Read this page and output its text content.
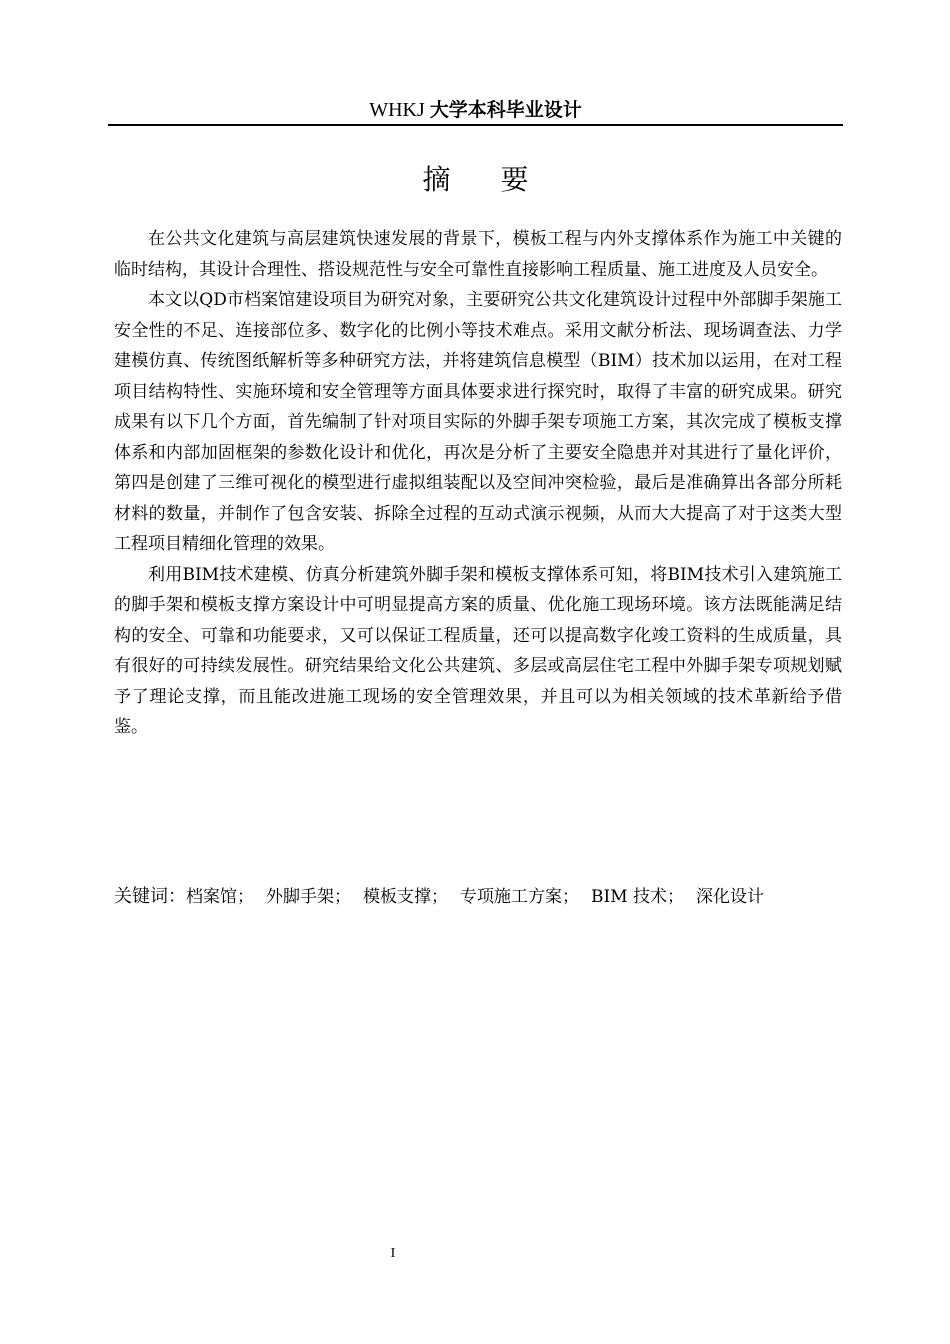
WHKJ 大学本科毕业设计
摘要

在公共文化建筑与高层建筑快速发展的背景下，模板工程与内外支撑体系作为施工中关键的临时结构，其设计合理性、搭设规范性与安全可靠性直接影响工程质量、施工进度及人员安全。

本文以QD市档案馆建设项目为研究对象，主要研究公共文化建筑设计过程中外部脚手架施工安全性的不足、连接部位多、数字化的比例小等技术难点。采用文献分析法、现场调查法、力学建模仿真、传统图纸解析等多种研究方法，并将建筑信息模型（BIM）技术加以运用，在对工程项目结构特性、实施环境和安全管理等方面具体要求进行探究时，取得了丰富的研究成果。研究成果有以下几个方面，首先编制了针对项目实际的外脚手架专项施工方案，其次完成了模板支撑体系和内部加固框架的参数化设计和优化，再次是分析了主要安全隐患并对其进行了量化评价，第四是创建了三维可视化的模型进行虚拟组装配以及空间冲突检验，最后是准确算出各部分所耗材料的数量，并制作了包含安装、拆除全过程的互动式演示视频，从而大大提高了对于这类大型工程项目精细化管理的效果。

利用BIM技术建模、仿真分析建筑外脚手架和模板支撑体系可知，将BIM技术引入建筑施工的脚手架和模板支撑方案设计中可明显提高方案的质量、优化施工现场环境。该方法既能满足结构的安全、可靠和功能要求，又可以保证工程质量，还可以提高数字化竣工资料的生成质量，具有很好的可持续发展性。研究结果给文化公共建筑、多层或高层住宅工程中外脚手架专项规划赋予了理论支撑，而且能改进施工现场的安全管理效果，并且可以为相关领域的技术革新给予借鉴。

关键词：档案馆； 外脚手架； 模板支撑； 专项施工方案； BIM 技术； 深化设计
I
